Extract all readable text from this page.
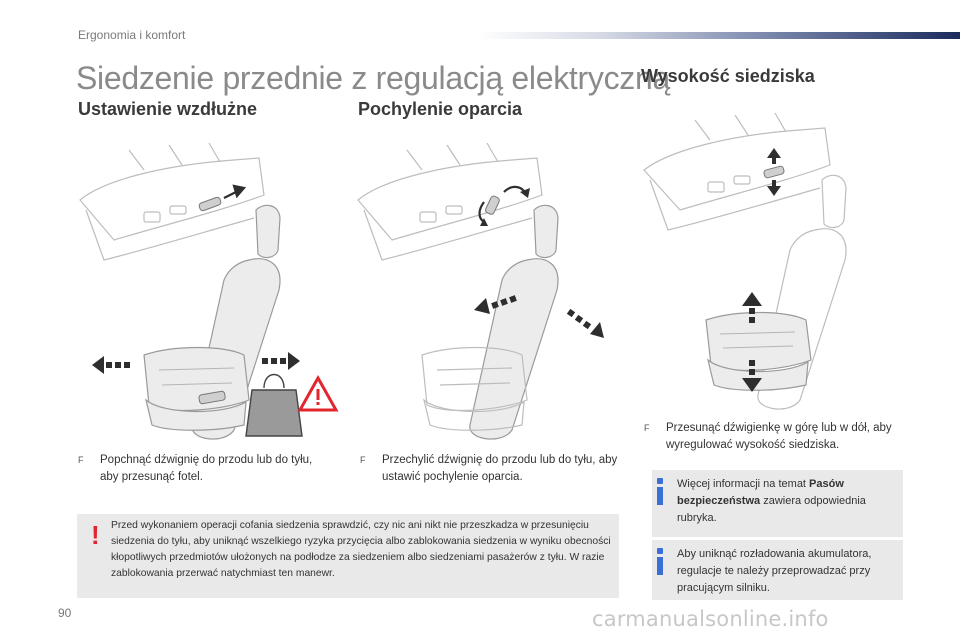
Ergonomia i komfort
Siedzenie przednie z regulacją elektryczną
Ustawienie wzdłużne	Pochylenie oparcia
Wysokość siedziska
F	Popchnąć dźwignię do przodu lub do tyłu, aby przesunąć fotel.
F	Przechylić dźwignię do przodu lub do tyłu, aby ustawić pochylenie oparcia.
F	Przesunąć dźwigienkę w górę lub w dół, aby wyregulować wysokość siedziska.
! Przed wykonaniem operacji cofania siedzenia sprawdzić, czy nic ani nikt nie przeszkadza w przesunięciu siedzenia do tyłu, aby uniknąć wszelkiego ryzyka przycięcia albo zablokowania siedzenia w wyniku obecności kłopotliwych przedmiotów ułożonych na podłodze za siedzeniem albo siedzeniami pasażerów z tyłu. W razie zablokowania przerwać natychmiast ten manewr.
Więcej informacji na temat Pasów bezpieczeństwa zawiera odpowiednia rubryka.
Aby uniknąć rozładowania akumulatora, regulacje te należy przeprowadzać przy pracującym silniku.
90	carmanualsonline.info
